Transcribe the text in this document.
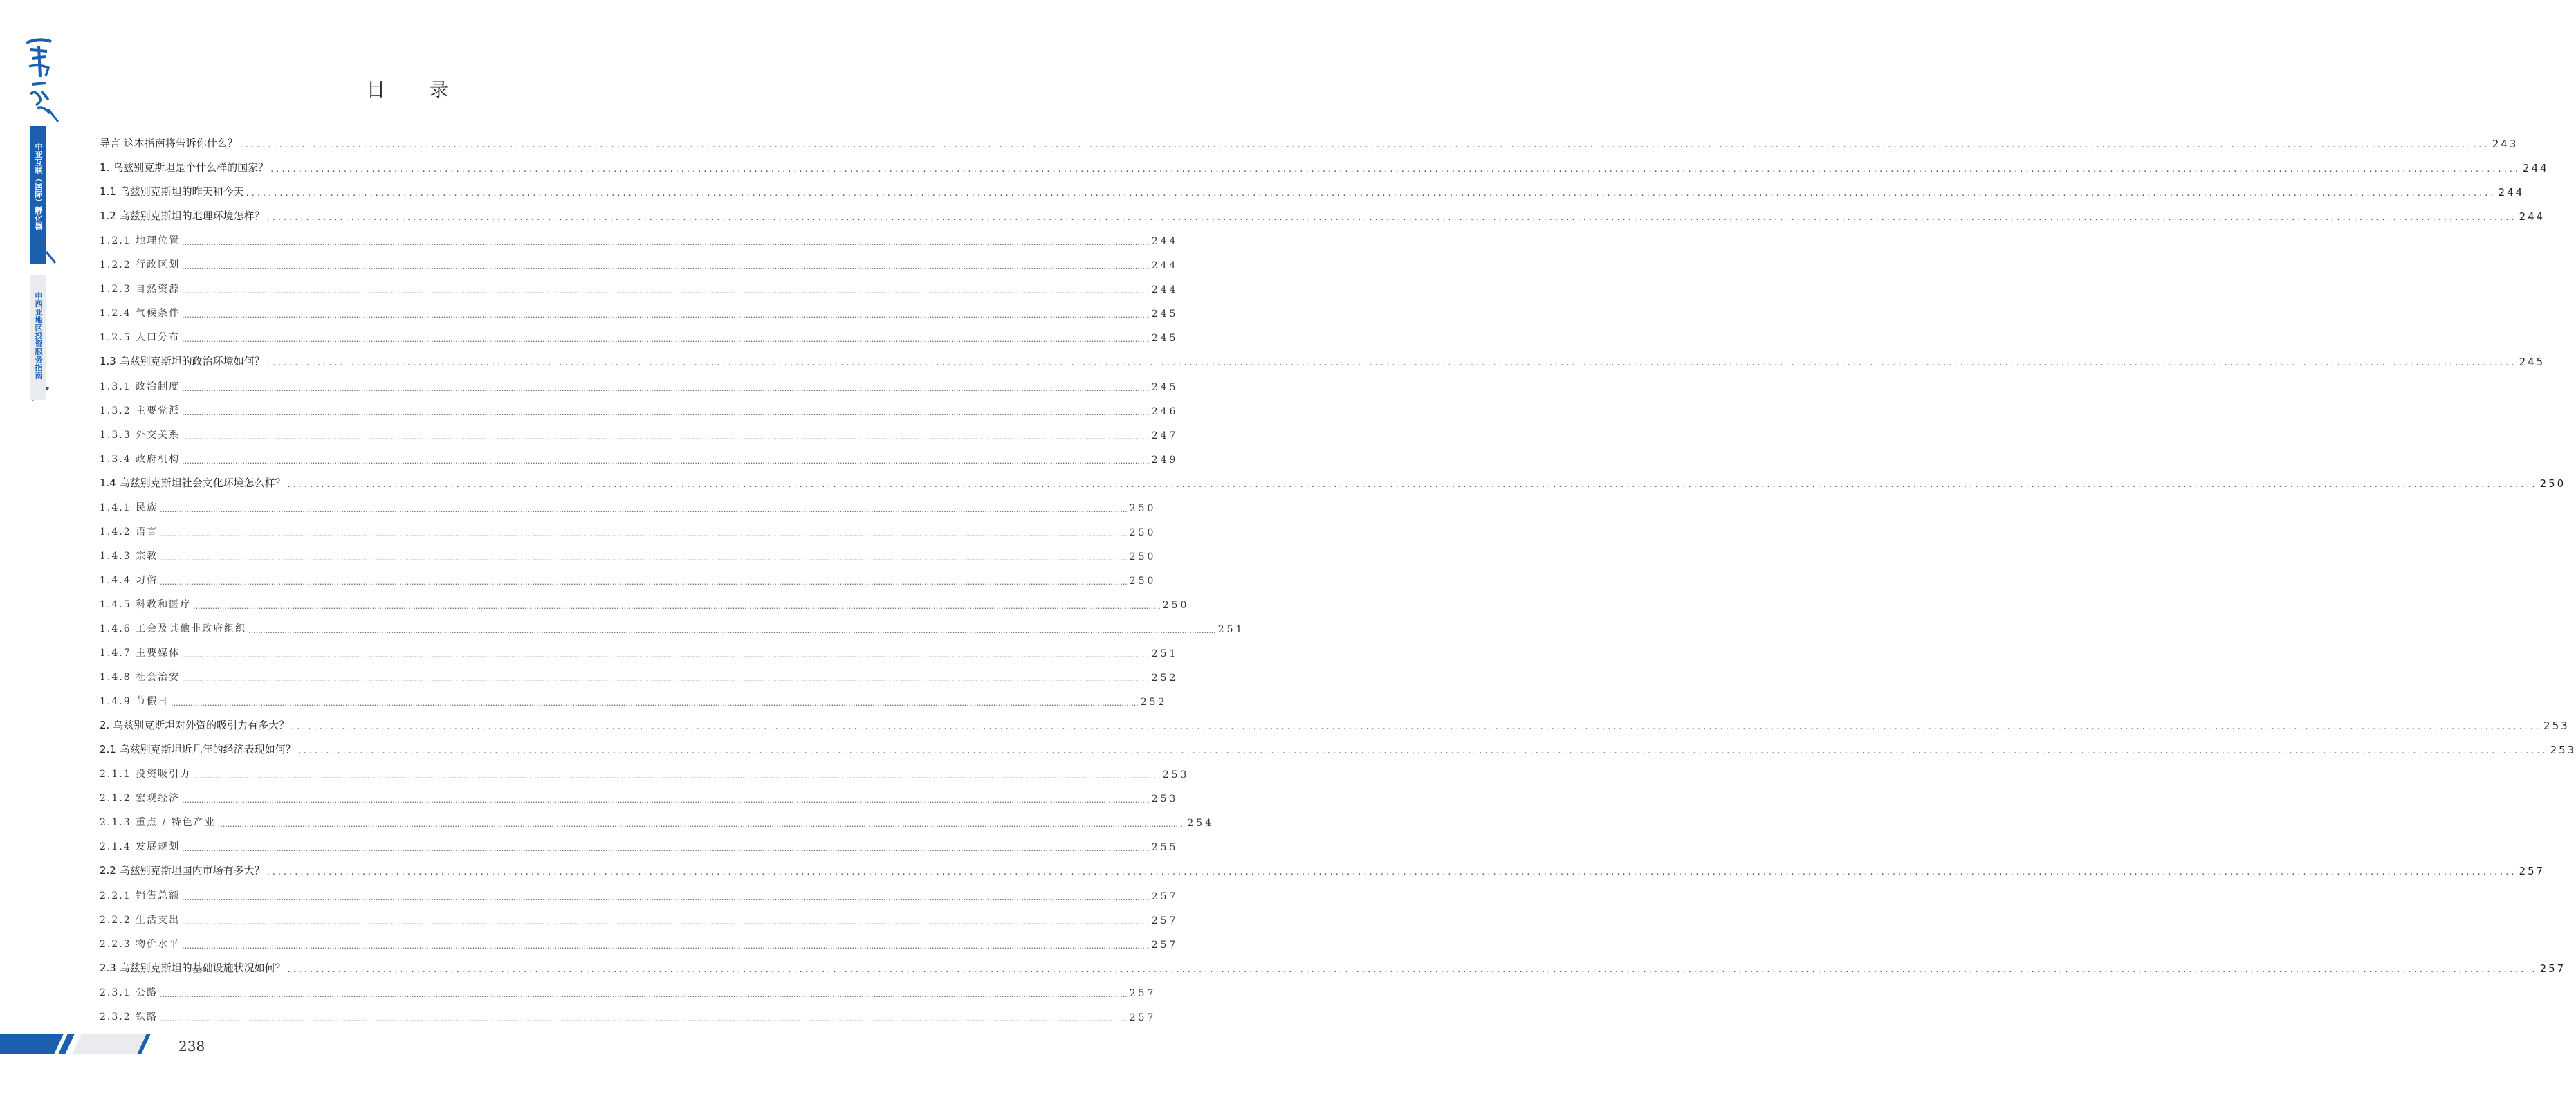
中亚互联（国际）孵化器
中西亚地区投资服务指南
目 录
导言 这本指南将告诉你什么？ ................................................................................................................................................................................................................................................................................................................................................................................................................ 243
1. 乌兹别克斯坦是个什么样的国家？ ................................................................................................................................................................................................................................................................................................................................................................................................................ 244
1.1 乌兹别克斯坦的昨天和今天 ................................................................................................................................................................................................................................................................................................................................................................................................................ 244
1.2 乌兹别克斯坦的地理环境怎样？ ................................................................................................................................................................................................................................................................................................................................................................................................................ 244
1.2.1 地理位置 ................................................................................................................................................................................................................................................................................................................................................................................................................ 244
1.2.2 行政区划 ................................................................................................................................................................................................................................................................................................................................................................................................................ 244
1.2.3 自然资源 ................................................................................................................................................................................................................................................................................................................................................................................................................ 244
1.2.4 气候条件 ................................................................................................................................................................................................................................................................................................................................................................................................................ 245
1.2.5 人口分布 ................................................................................................................................................................................................................................................................................................................................................................................................................ 245
1.3 乌兹别克斯坦的政治环境如何？ ................................................................................................................................................................................................................................................................................................................................................................................................................ 245
1.3.1 政治制度 ................................................................................................................................................................................................................................................................................................................................................................................................................ 245
1.3.2 主要党派 ................................................................................................................................................................................................................................................................................................................................................................................................................ 246
1.3.3 外交关系 ................................................................................................................................................................................................................................................................................................................................................................................................................ 247
1.3.4 政府机构 ................................................................................................................................................................................................................................................................................................................................................................................................................ 249
1.4 乌兹别克斯坦社会文化环境怎么样？ ................................................................................................................................................................................................................................................................................................................................................................................................................ 250
1.4.1 民族 ................................................................................................................................................................................................................................................................................................................................................................................................................ 250
1.4.2 语言 ................................................................................................................................................................................................................................................................................................................................................................................................................ 250
1.4.3 宗教 ................................................................................................................................................................................................................................................................................................................................................................................................................ 250
1.4.4 习俗 ................................................................................................................................................................................................................................................................................................................................................................................................................ 250
1.4.5 科教和医疗 ................................................................................................................................................................................................................................................................................................................................................................................................................ 250
1.4.6 工会及其他非政府组织 ................................................................................................................................................................................................................................................................................................................................................................................................................ 251
1.4.7 主要媒体 ................................................................................................................................................................................................................................................................................................................................................................................................................ 251
1.4.8 社会治安 ................................................................................................................................................................................................................................................................................................................................................................................................................ 252
1.4.9 节假日 ................................................................................................................................................................................................................................................................................................................................................................................................................ 252
2. 乌兹别克斯坦对外资的吸引力有多大？ ................................................................................................................................................................................................................................................................................................................................................................................................................ 253
2.1 乌兹别克斯坦近几年的经济表现如何？ ................................................................................................................................................................................................................................................................................................................................................................................................................ 253
2.1.1 投资吸引力 ................................................................................................................................................................................................................................................................................................................................................................................................................ 253
2.1.2 宏观经济 ................................................................................................................................................................................................................................................................................................................................................................................................................ 253
2.1.3 重点 / 特色产业 ................................................................................................................................................................................................................................................................................................................................................................................................................ 254
2.1.4 发展规划 ................................................................................................................................................................................................................................................................................................................................................................................................................ 255
2.2 乌兹别克斯坦国内市场有多大？ ................................................................................................................................................................................................................................................................................................................................................................................................................ 257
2.2.1 销售总额 ................................................................................................................................................................................................................................................................................................................................................................................................................ 257
2.2.2 生活支出 ................................................................................................................................................................................................................................................................................................................................................................................................................ 257
2.2.3 物价水平 ................................................................................................................................................................................................................................................................................................................................................................................................................ 257
2.3 乌兹别克斯坦的基础设施状况如何？ ................................................................................................................................................................................................................................................................................................................................................................................................................ 257
2.3.1 公路 ................................................................................................................................................................................................................................................................................................................................................................................................................ 257
2.3.2 铁路 ................................................................................................................................................................................................................................................................................................................................................................................................................ 257
238
